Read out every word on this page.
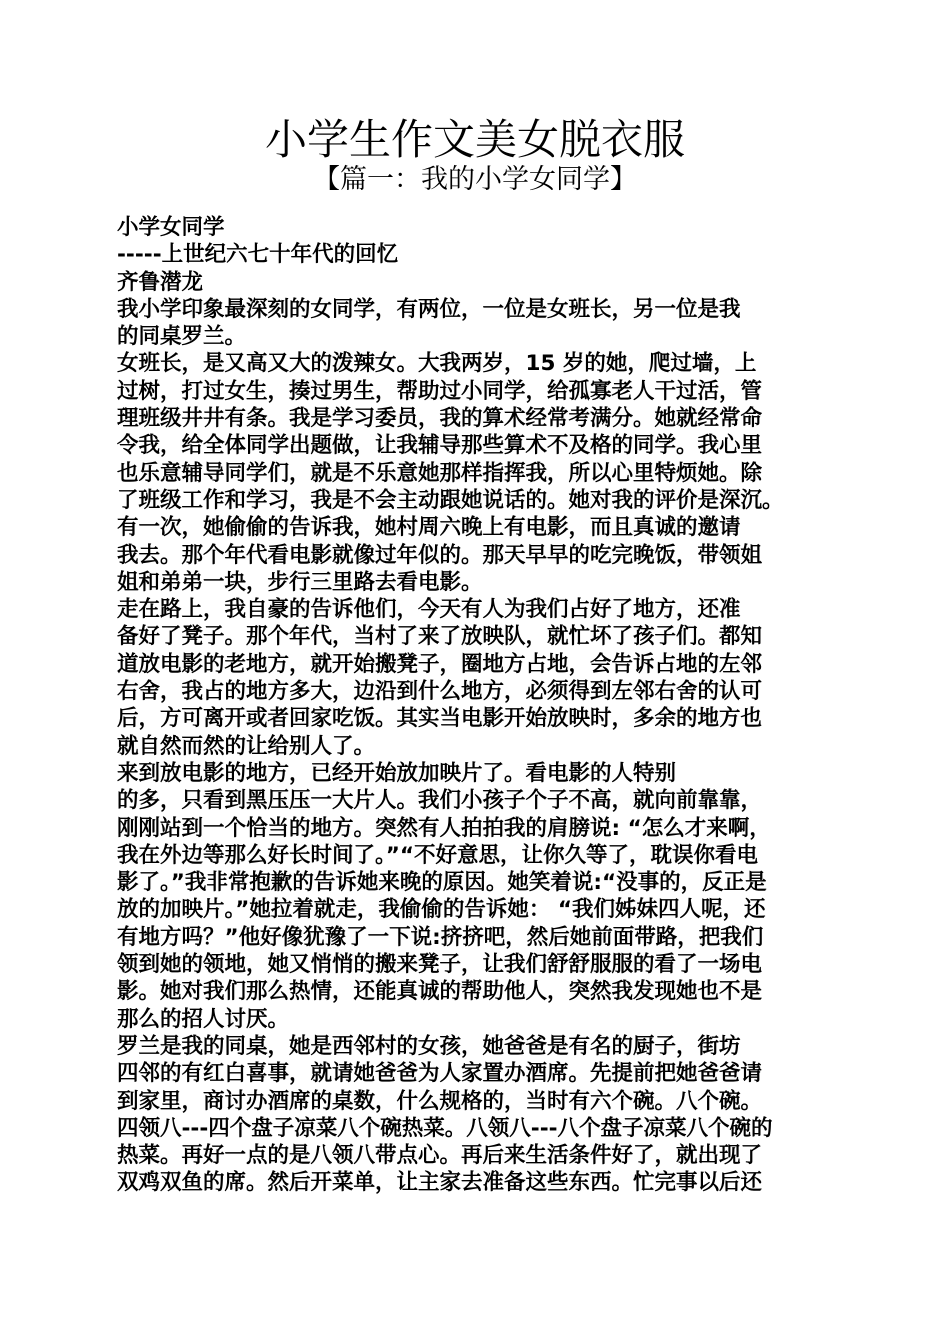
小学生作文美女脱衣服
【篇一：我的小学女同学】
小学女同学
-----上世纪六七十年代的回忆
齐鲁潜龙
我小学印象最深刻的女同学，有两位，一位是女班长，另一位是我
的同桌罗兰。
女班长，是又高又大的泼辣女。大我两岁，15 岁的她，爬过墙，上
过树，打过女生，揍过男生，帮助过小同学，给孤寡老人干过活，管
理班级井井有条。我是学习委员，我的算术经常考满分。她就经常命
令我，给全体同学出题做，让我辅导那些算术不及格的同学。我心里
也乐意辅导同学们，就是不乐意她那样指挥我，所以心里特烦她。除
了班级工作和学习，我是不会主动跟她说话的。她对我的评价是深沉。
有一次，她偷偷的告诉我，她村周六晚上有电影，而且真诚的邀请
我去。那个年代看电影就像过年似的。那天早早的吃完晚饭，带领姐
姐和弟弟一块，步行三里路去看电影。
走在路上，我自豪的告诉他们，今天有人为我们占好了地方，还准
备好了凳子。那个年代，当村了来了放映队，就忙坏了孩子们。都知
道放电影的老地方，就开始搬凳子，圈地方占地，会告诉占地的左邻
右舍，我占的地方多大，边沿到什么地方，必须得到左邻右舍的认可
后，方可离开或者回家吃饭。其实当电影开始放映时，多余的地方也
就自然而然的让给别人了。
来到放电影的地方，已经开始放加映片了。看电影的人特别
的多，只看到黑压压一大片人。我们小孩子个子不高，就向前靠靠，
刚刚站到一个恰当的地方。突然有人拍拍我的肩膀说: “怎么才来啊，
我在外边等那么好长时间了。”“不好意思，让你久等了，耽误你看电
影了。”我非常抱歉的告诉她来晚的原因。她笑着说:“没事的，反正是
放的加映片。”她拉着就走，我偷偷的告诉她： “我们姊妹四人呢，还
有地方吗？”他好像犹豫了一下说:挤挤吧，然后她前面带路，把我们
领到她的领地，她又悄悄的搬来凳子，让我们舒舒服服的看了一场电
影。她对我们那么热情，还能真诚的帮助他人，突然我发现她也不是
那么的招人讨厌。
罗兰是我的同桌，她是西邻村的女孩，她爸爸是有名的厨子，街坊
四邻的有红白喜事，就请她爸爸为人家置办酒席。先提前把她爸爸请
到家里，商讨办酒席的桌数，什么规格的，当时有六个碗。八个碗。
四领八---四个盘子凉菜八个碗热菜。八领八---八个盘子凉菜八个碗的
热菜。再好一点的是八领八带点心。再后来生活条件好了，就出现了
双鸡双鱼的席。然后开菜单，让主家去准备这些东西。忙完事以后还
